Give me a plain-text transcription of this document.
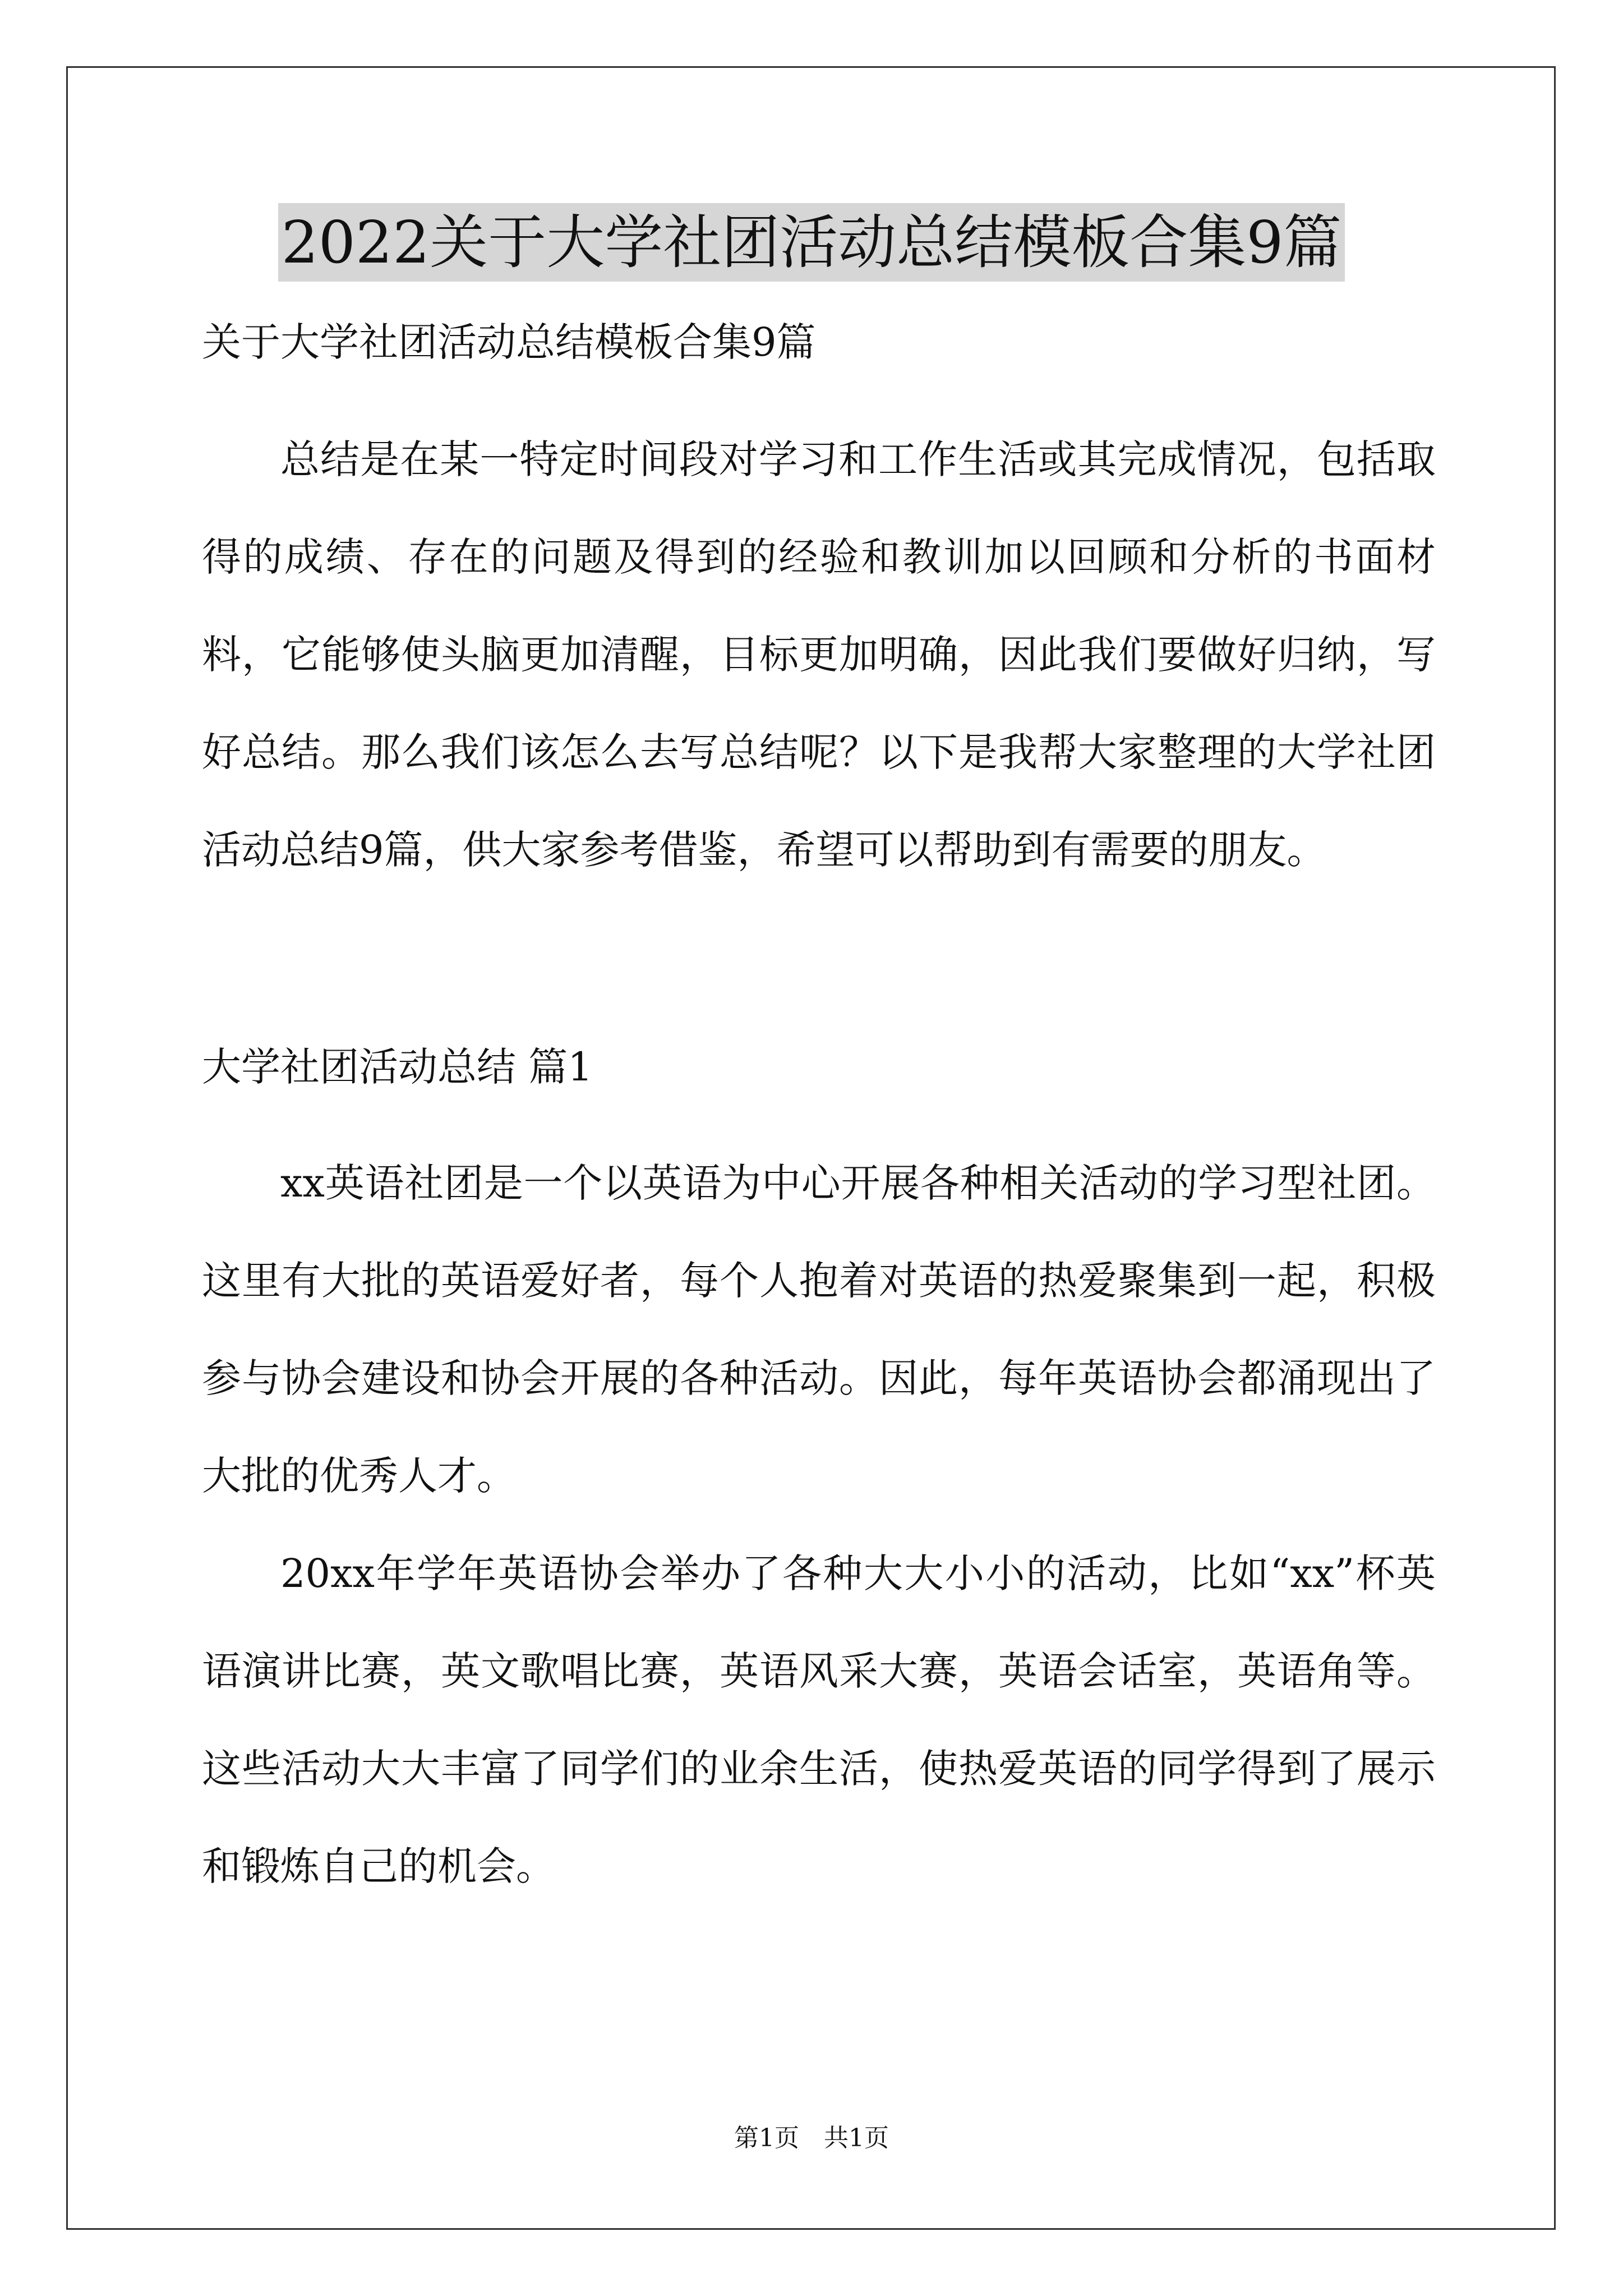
2022关于大学社团活动总结模板合集9篇

关于大学社团活动总结模板合集9篇

总结是在某一特定时间段对学习和工作生活或其完成情况，包括取得的成绩、存在的问题及得到的经验和教训加以回顾和分析的书面材料，它能够使头脑更加清醒，目标更加明确，因此我们要做好归纳，写好总结。那么我们该怎么去写总结呢？以下是我帮大家整理的大学社团活动总结9篇，供大家参考借鉴，希望可以帮助到有需要的朋友。

大学社团活动总结 篇1

xx英语社团是一个以英语为中心开展各种相关活动的学习型社团。这里有大批的英语爱好者，每个人抱着对英语的热爱聚集到一起，积极参与协会建设和协会开展的各种活动。因此，每年英语协会都涌现出了大批的优秀人才。

20xx年学年英语协会举办了各种大大小小的活动，比如“xx”杯英语演讲比赛，英文歌唱比赛，英语风采大赛，英语会话室，英语角等。这些活动大大丰富了同学们的业余生活，使热爱英语的同学得到了展示和锻炼自己的机会。

第1页　共1页
